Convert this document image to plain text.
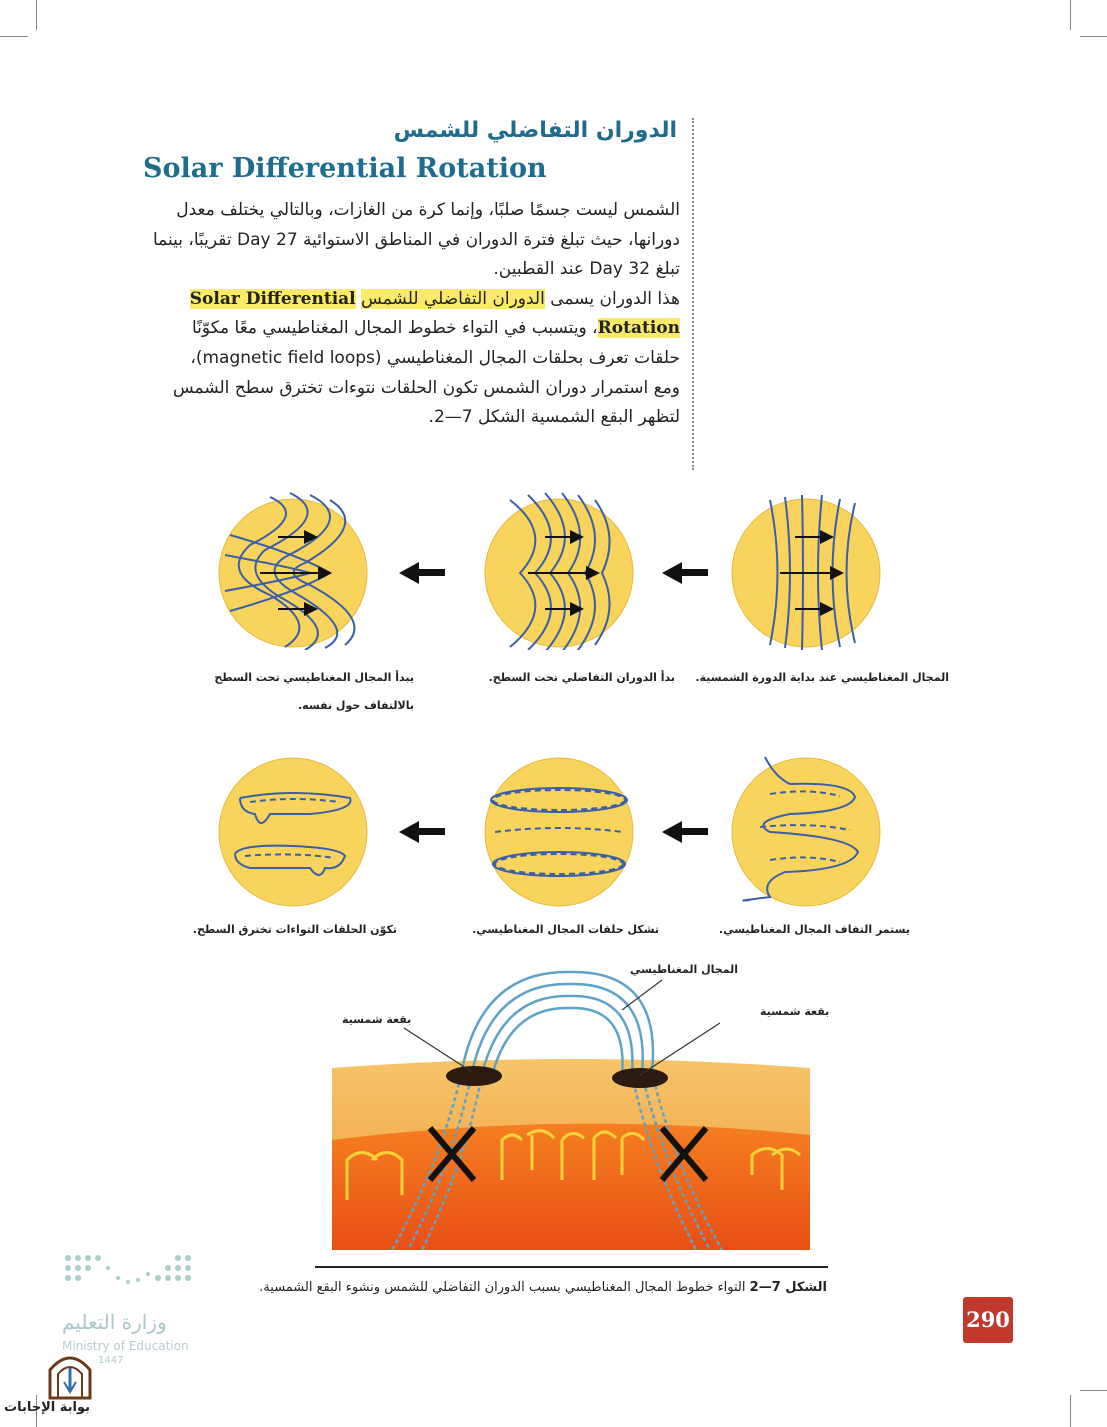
الدوران التفاضلي للشمس
Solar Differential Rotation

الشمس ليست جسمًا صلبًا، وإنما كرة من الغازات، وبالتالي يختلف معدل

دورانها، حيث تبلغ فترة الدوران في المناطق الاستوائية 27 Day تقريبًا، بينما

تبلغ 32 Day عند القطبين.

هذا الدوران يسمى الدوران التفاضلي للشمس Solar Differential

Rotation، ويتسبب في التواء خطوط المجال المغناطيسي معًا مكوّنًا

حلقات تعرف بحلقات المجال المغناطيسي (magnetic field loops)،

ومع استمرار دوران الشمس تكون الحلقات نتوءات تخترق سطح الشمس

لتظهر البقع الشمسية الشكل 7—2.

المجال المغناطيسي عند بداية الدورة الشمسية.
بدأ الدوران التفاضلي تحت السطح.
يبدأ المجال المغناطيسي تحت السطح بالالتفاف حول نفسه.
يستمر التفاف المجال المغناطيسي.
تشكل حلقات المجال المغناطيسي.
تكوّن الحلقات التواءات تخترق السطح.
المجال المغناطيسي
بقعة شمسية
بقعة شمسية
الشكل 7—2 التواء خطوط المجال المغناطيسي بسبب الدوران التفاضلي للشمس ونشوء البقع الشمسية.
290
وزارة التعليم
Ministry of Education
1447
بوابة الإجابات
